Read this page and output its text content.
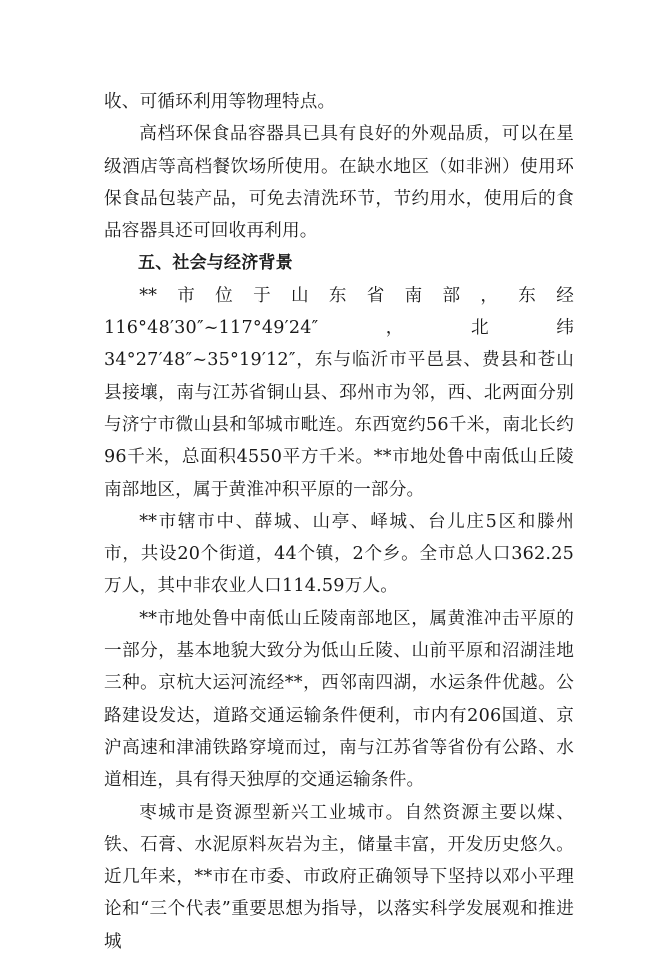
收、可循环利用等物理特点。

高档环保食品容器具已具有良好的外观品质，可以在星级酒店等高档餐饮场所使用。在缺水地区（如非洲）使用环保食品包装产品，可免去清洗环节，节约用水，使用后的食品容器具还可回收再利用。

五、社会与经济背景

**市位于山东省南部，东经116°48′30″~117°49′24″，北纬34°27′48″~35°19′12″，东与临沂市平邑县、费县和苍山县接壤，南与江苏省铜山县、邳州市为邻，西、北两面分别与济宁市微山县和邹城市毗连。东西宽约56千米，南北长约96千米，总面积4550平方千米。**市地处鲁中南低山丘陵南部地区，属于黄淮冲积平原的一部分。

**市辖市中、薛城、山亭、峄城、台儿庄5区和滕州市，共设20个街道，44个镇，2个乡。全市总人口362.25万人，其中非农业人口114.59万人。

**市地处鲁中南低山丘陵南部地区，属黄淮冲击平原的一部分，基本地貌大致分为低山丘陵、山前平原和沼湖洼地三种。京杭大运河流经**，西邻南四湖，水运条件优越。公路建设发达，道路交通运输条件便利，市内有206国道、京沪高速和津浦铁路穿境而过，南与江苏省等省份有公路、水道相连，具有得天独厚的交通运输条件。

枣城市是资源型新兴工业城市。自然资源主要以煤、铁、石膏、水泥原料灰岩为主，储量丰富，开发历史悠久。近几年来，**市在市委、市政府正确领导下坚持以邓小平理论和“三个代表”重要思想为指导，以落实科学发展观和推进城
